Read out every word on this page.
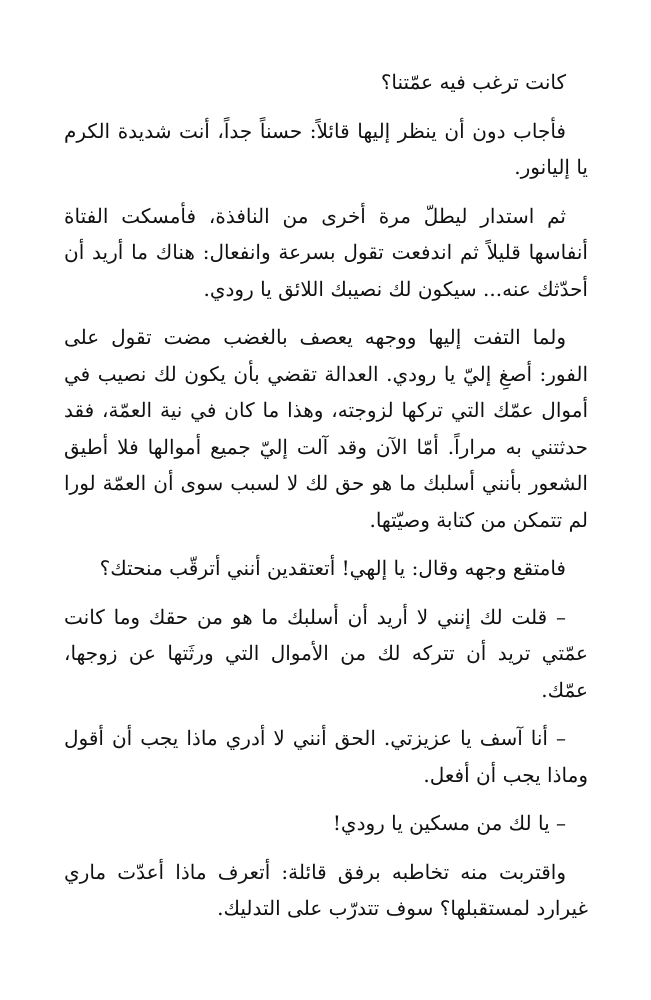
كانت ترغب فيه عمّتنا؟

فأجاب دون أن ينظر إليها قائلاً: حسناً جداً، أنت شديدة الكرم يا إليانور.

ثم استدار ليطلّ مرة أخرى من النافذة، فأمسكت الفتاة أنفاسها قليلاً ثم اندفعت تقول بسرعة وانفعال: هناك ما أريد أن أحدّثك عنه... سيكون لك نصيبك اللائق يا رودي.

ولما التفت إليها ووجهه يعصف بالغضب مضت تقول على الفور: أصغِ إليّ يا رودي. العدالة تقضي بأن يكون لك نصيب في أموال عمّك التي تركها لزوجته، وهذا ما كان في نية العمّة، فقد حدثتني به مراراً. أمّا الآن وقد آلت إليّ جميع أموالها فلا أطيق الشعور بأنني أسلبك ما هو حق لك لا لسبب سوى أن العمّة لورا لم تتمكن من كتابة وصيّتها.

فامتقع وجهه وقال: يا إلهي! أتعتقدين أنني أترقّب منحتك؟

– قلت لك إنني لا أريد أن أسلبك ما هو من حقك وما كانت عمّتي تريد أن تتركه لك من الأموال التي ورثَتها عن زوجها، عمّك.

– أنا آسف يا عزيزتي. الحق أنني لا أدري ماذا يجب أن أقول وماذا يجب أن أفعل.

– يا لك من مسكين يا رودي!

واقتربت منه تخاطبه برفق قائلة: أتعرف ماذا أعدّت ماري غيرارد لمستقبلها؟ سوف تتدرّب على التدليك.
